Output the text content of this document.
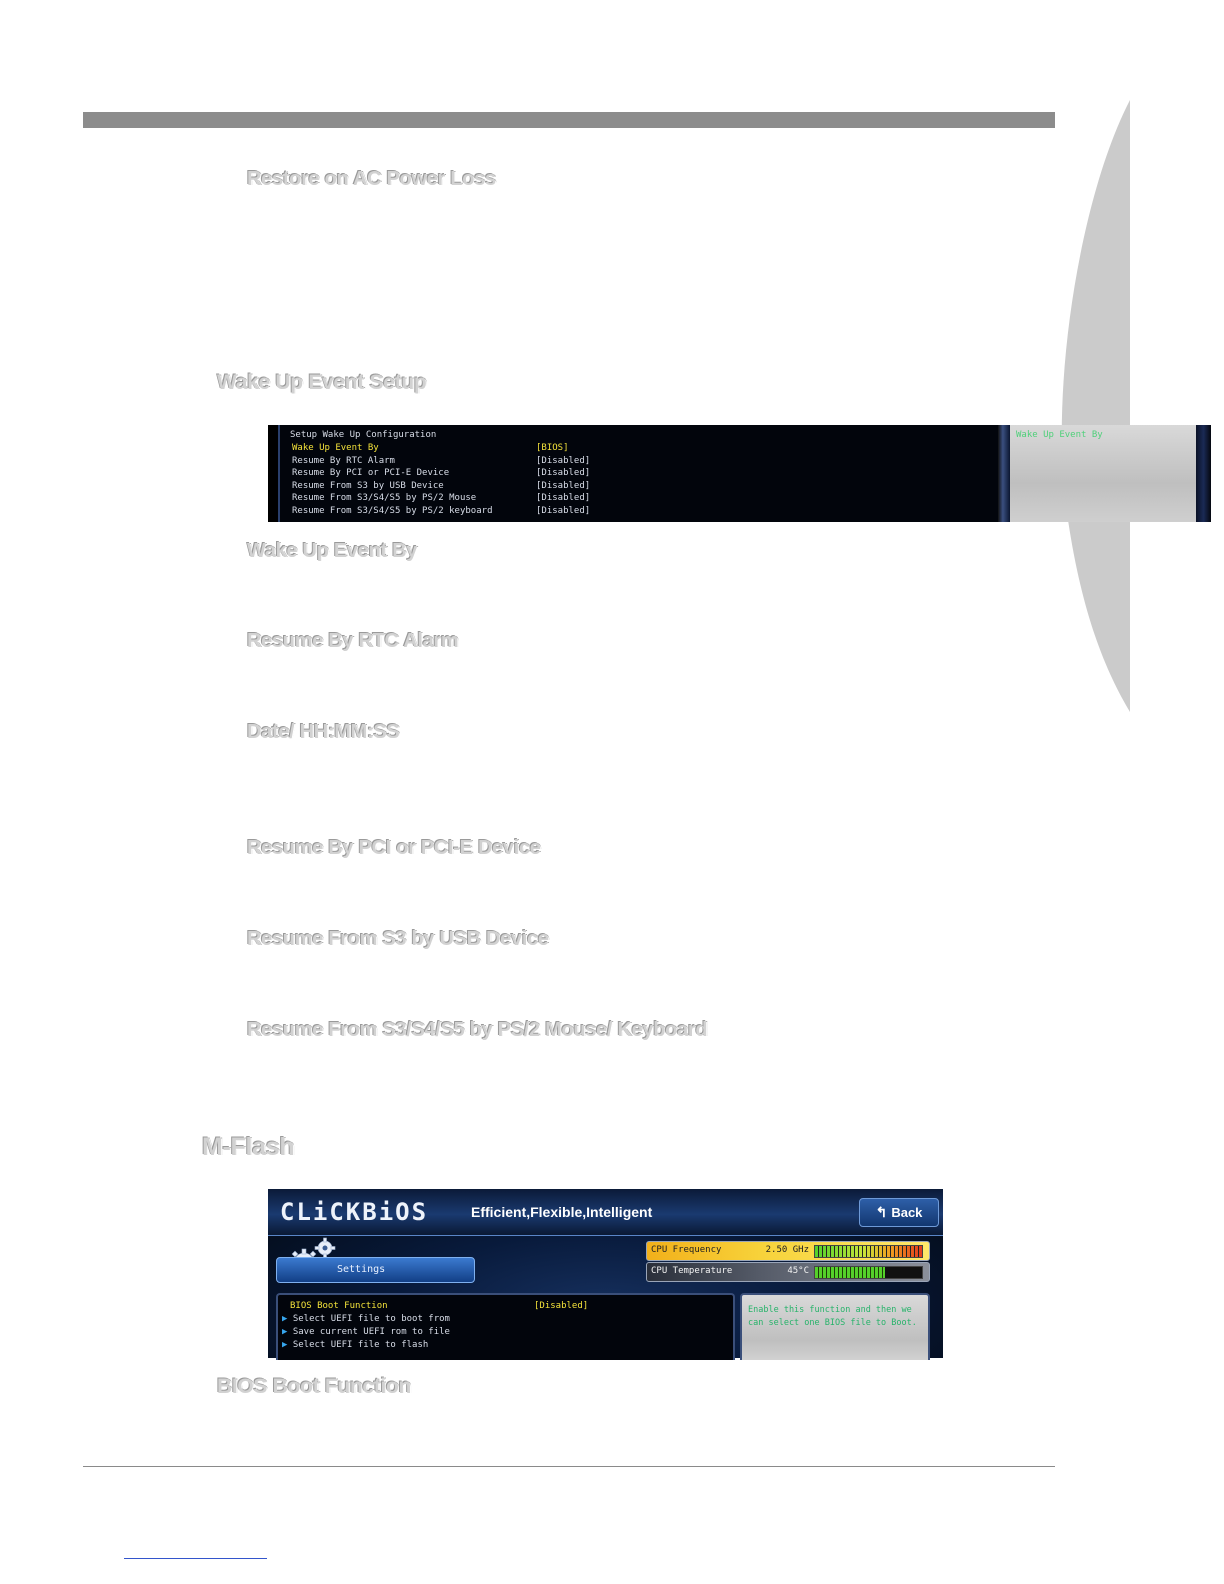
Restore on AC Power Loss
Wake Up Event Setup
Setup Wake Up Configuration
Wake Up Event By	[BIOS]
Resume By RTC Alarm	[Disabled]
Resume By PCI or PCI-E Device	[Disabled]
Resume From S3 by USB Device	[Disabled]
Resume From S3/S4/S5 by PS/2 Mouse	[Disabled]
Resume From S3/S4/S5 by PS/2 keyboard	[Disabled]
Wake Up Event By
Wake Up Event By
Resume By RTC Alarm
Date/ HH:MM:SS
Resume By PCI or PCI-E Device
Resume From S3 by USB Device
Resume From S3/S4/S5 by PS/2 Mouse/ Keyboard
M-Flash
CLiCKBiOS	Efficient,Flexible,Intelligent	↰ Back
Settings
CPU Frequency	2.50 GHz
CPU Temperature	45°C
BIOS Boot Function	[Disabled]
▶ Select UEFI file to boot from
▶ Save current UEFI rom to file
▶ Select UEFI file to flash
Enable this function and then we can select one BIOS file to Boot.
BIOS Boot Function
